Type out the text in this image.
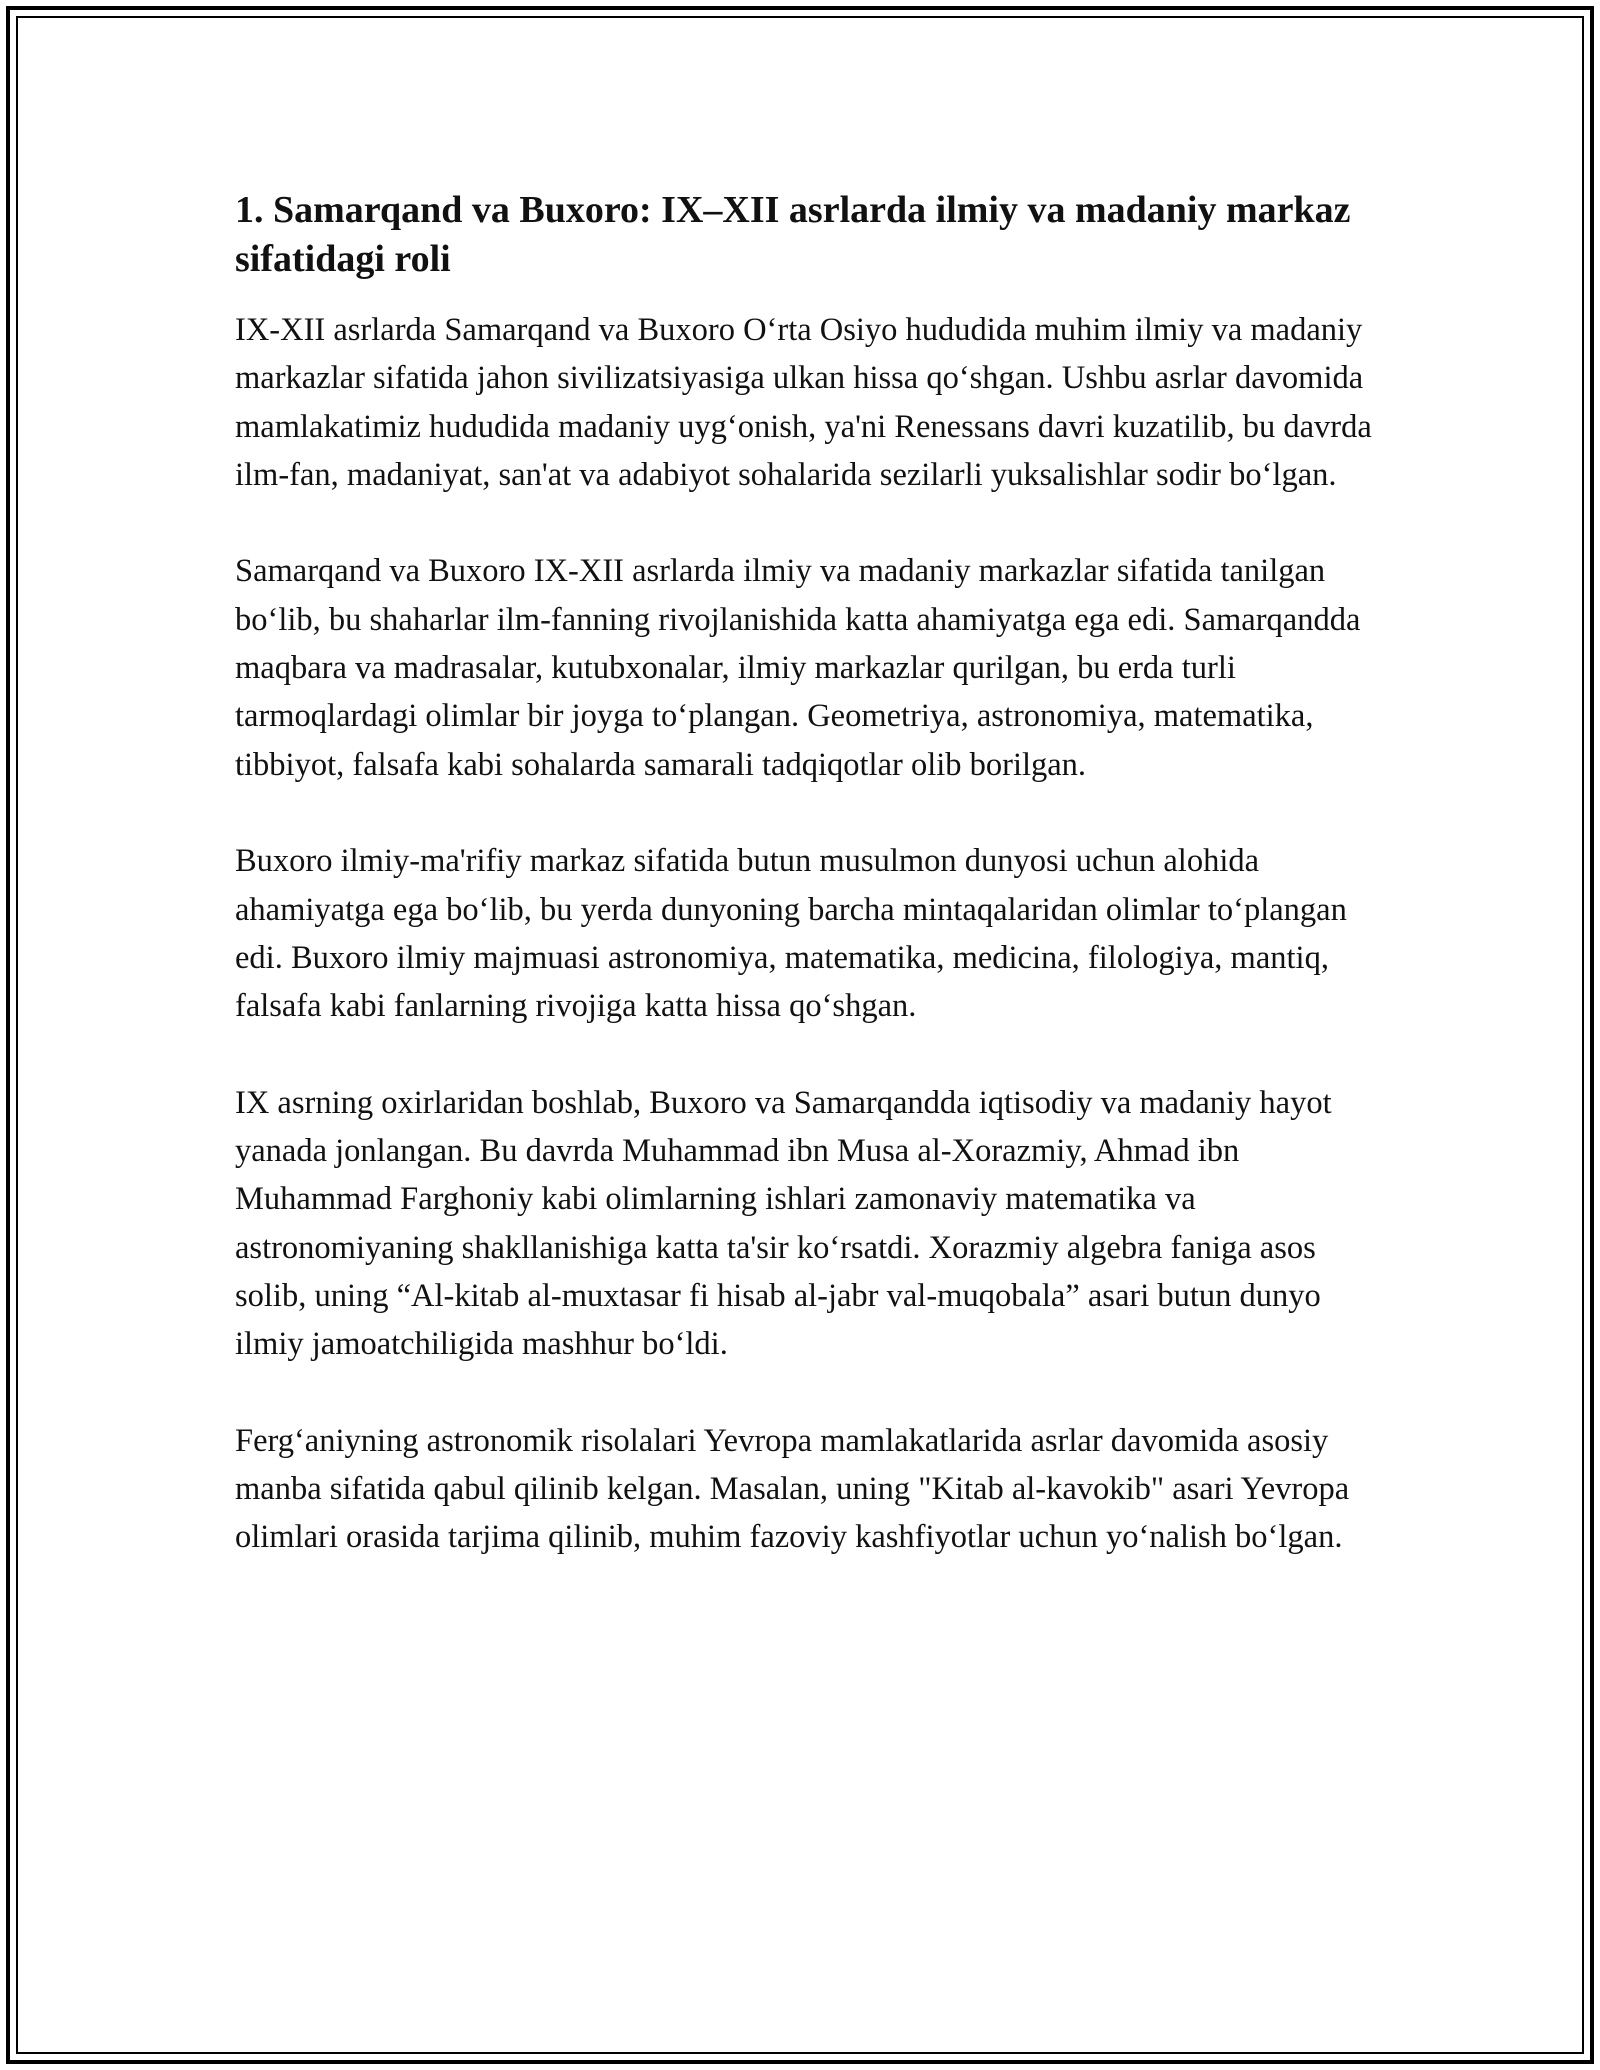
1. Samarqand va Buxoro: IX–XII asrlarda ilmiy va madaniy markaz sifatidagi roli

IX-XII asrlarda Samarqand va Buxoro O‘rta Osiyo hududida muhim ilmiy va madaniy markazlar sifatida jahon sivilizatsiyasiga ulkan hissa qo‘shgan. Ushbu asrlar davomida mamlakatimiz hududida madaniy uyg‘onish, ya'ni Renessans davri kuzatilib, bu davrda ilm-fan, madaniyat, san'at va adabiyot sohalarida sezilarli yuksalishlar sodir bo‘lgan.

Samarqand va Buxoro IX-XII asrlarda ilmiy va madaniy markazlar sifatida tanilgan bo‘lib, bu shaharlar ilm-fanning rivojlanishida katta ahamiyatga ega edi. Samarqandda maqbara va madrasalar, kutubxonalar, ilmiy markazlar qurilgan, bu erda turli tarmoqlardagi olimlar bir joyga to‘plangan. Geometriya, astronomiya, matematika, tibbiyot, falsafa kabi sohalarda samarali tadqiqotlar olib borilgan.

Buxoro ilmiy-ma'rifiy markaz sifatida butun musulmon dunyosi uchun alohida ahamiyatga ega bo‘lib, bu yerda dunyoning barcha mintaqalaridan olimlar to‘plangan edi. Buxoro ilmiy majmuasi astronomiya, matematika, medicina, filologiya, mantiq, falsafa kabi fanlarning rivojiga katta hissa qo‘shgan.

IX asrning oxirlaridan boshlab, Buxoro va Samarqandda iqtisodiy va madaniy hayot yanada jonlangan. Bu davrda Muhammad ibn Musa al-Xorazmiy, Ahmad ibn Muhammad Farghoniy kabi olimlarning ishlari zamonaviy matematika va astronomiyaning shakllanishiga katta ta'sir ko‘rsatdi. Xorazmiy algebra faniga asos solib, uning “Al-kitab al-muxtasar fi hisab al-jabr val-muqobala” asari butun dunyo ilmiy jamoatchiligida mashhur bo‘ldi.

Ferg‘aniyning astronomik risolalari Yevropa mamlakatlarida asrlar davomida asosiy manba sifatida qabul qilinib kelgan. Masalan, uning "Kitab al-kavokib" asari Yevropa olimlari orasida tarjima qilinib, muhim fazoviy kashfiyotlar uchun yo‘nalish bo‘lgan.
